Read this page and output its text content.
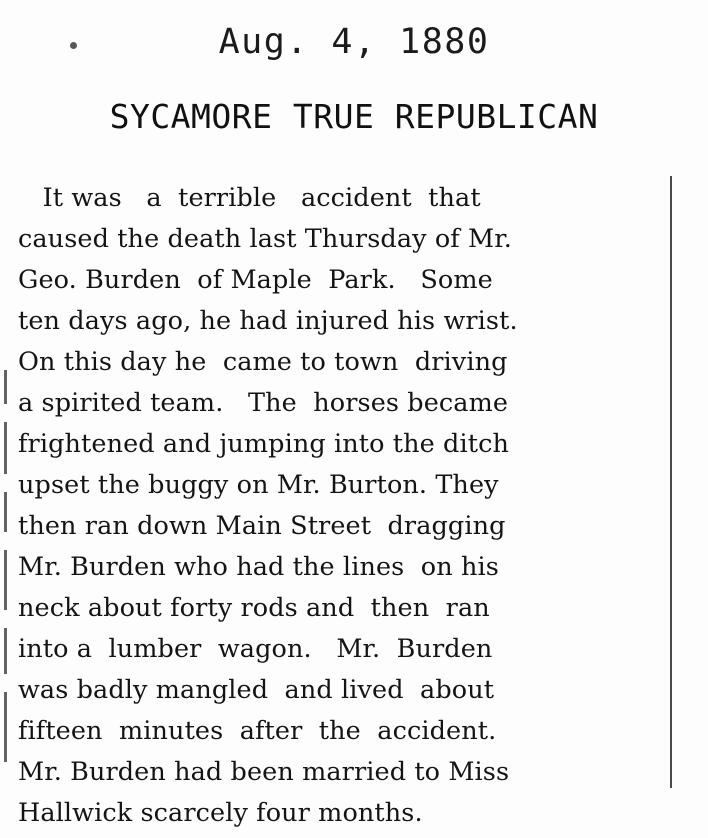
Aug. 4, 1880
SYCAMORE TRUE REPUBLICAN
It was   a  terrible   accident  that
caused the death last Thursday of Mr.
Geo. Burden  of Maple  Park.   Some
ten days ago, he had injured his wrist.
On this day he  came to town  driving
a spirited team.   The  horses became
frightened and jumping into the ditch
upset the buggy on Mr. Burton. They
then ran down Main Street  dragging
Mr. Burden who had the lines  on his
neck about forty rods and  then  ran
into a  lumber  wagon.   Mr.  Burden
was badly mangled  and lived  about
fifteen  minutes  after  the  accident.
Mr. Burden had been married to Miss
Hallwick scarcely four months.
